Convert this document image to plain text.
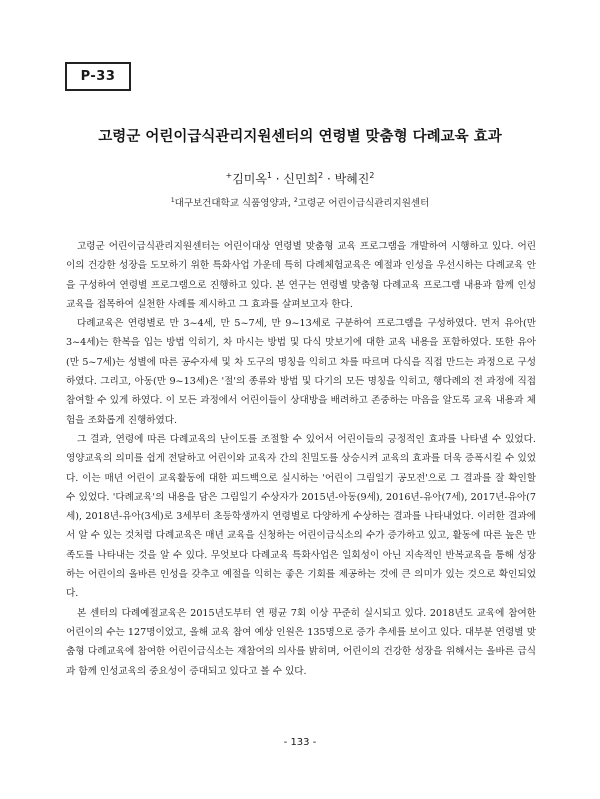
P-33
고령군 어린이급식관리지원센터의 연령별 맞춤형 다례교육 효과
+김미옥$^1$ · 신민희$^2$ · 박혜진$^2$
$^1$대구보건대학교 식품영양과, $^2$고령군 어린이급식관리지원센터

고령군 어린이급식관리지원센터는 어린이대상 연령별 맞춤형 교육 프로그램을 개발하여 시행하고 있다. 어린이의 건강한 성장을 도모하기 위한 특화사업 가운데 특히 다례체험교육은 예절과 인성을 우선시하는 다례교육 안을 구성하여 연령별 프로그램으로 진행하고 있다. 본 연구는 연령별 맞춤형 다례교육 프로그램 내용과 함께 인성 교육을 접목하여 실천한 사례를 제시하고 그 효과를 살펴보고자 한다.

다례교육은 연령별로 만 3~4세, 만 5~7세, 만 9~13세로 구분하여 프로그램을 구성하였다. 먼저 유아(만 3~4세)는 한복을 입는 방법 익히기, 차 마시는 방법 및 다식 맛보기에 대한 교육 내용을 포함하였다. 또한 유아(만 5~7세)는 성별에 따른 공수자세 및 차 도구의 명칭을 익히고 차를 따르며 다식을 직접 만드는 과정으로 구성하였다. 그리고, 아동(만 9~13세)은 '절'의 종류와 방법 및 다기의 모든 명칭을 익히고, 행다례의 전 과정에 직접 참여할 수 있게 하였다. 이 모든 과정에서 어린이들이 상대방을 배려하고 존중하는 마음을 알도록 교육 내용과 체험을 조화롭게 진행하였다.

그 결과, 연령에 따른 다례교육의 난이도를 조절할 수 있어서 어린이들의 긍정적인 효과를 나타낼 수 있었다. 영양교육의 의미를 쉽게 전달하고 어린이와 교육자 간의 친밀도를 상승시켜 교육의 효과를 더욱 증폭시킬 수 있었다. 이는 매년 어린이 교육활동에 대한 피드백으로 실시하는 '어린이 그림일기 공모전'으로 그 결과를 잘 확인할 수 있었다. '다례교육'의 내용을 담은 그림일기 수상자가 2015년-아동(9세), 2016년-유아(7세), 2017년-유아(7세), 2018년-유아(3세)로 3세부터 초등학생까지 연령별로 다양하게 수상하는 결과를 나타내었다. 이러한 결과에서 알 수 있는 것처럼 다례교육은 매년 교육을 신청하는 어린이급식소의 수가 증가하고 있고, 활동에 따른 높은 만족도를 나타내는 것을 알 수 있다. 무엇보다 다례교육 특화사업은 일회성이 아닌 지속적인 반복교육을 통해 성장하는 어린이의 올바른 인성을 갖추고 예절을 익히는 좋은 기회를 제공하는 것에 큰 의미가 있는 것으로 확인되었다.

본 센터의 다례예절교육은 2015년도부터 연 평균 7회 이상 꾸준히 실시되고 있다. 2018년도 교육에 참여한 어린이의 수는 127명이었고, 올해 교육 참여 예상 인원은 135명으로 증가 추세를 보이고 있다. 대부분 연령별 맞춤형 다례교육에 참여한 어린이급식소는 재참여의 의사를 밝히며, 어린이의 건강한 성장을 위해서는 올바른 급식과 함께 인성교육의 중요성이 증대되고 있다고 볼 수 있다.

- 133 -
